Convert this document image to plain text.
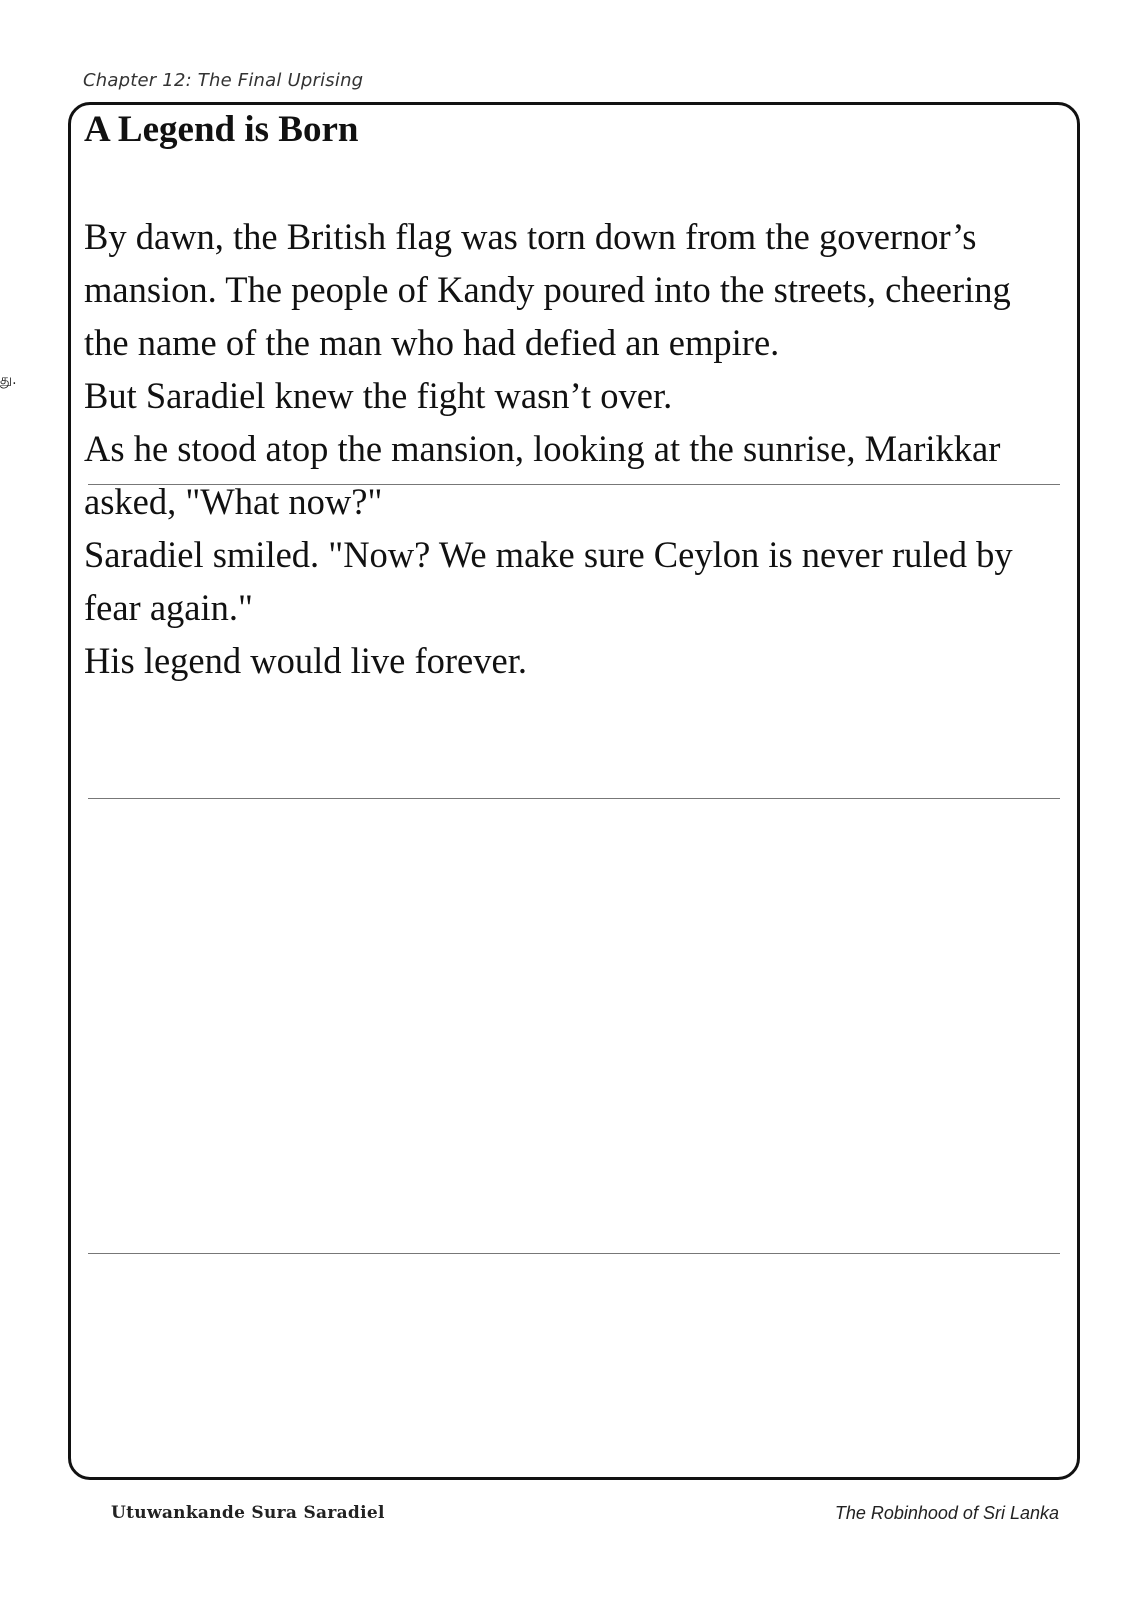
து.
Chapter 12: The Final Uprising
A Legend is Born

By dawn, the British flag was torn down from the governor’s mansion. The people of Kandy poured into the streets, cheering the name of the man who had defied an empire.

But Saradiel knew the fight wasn’t over.

As he stood atop the mansion, looking at the sunrise, Marikkar asked, "What now?"

Saradiel smiled. "Now? We make sure Ceylon is never ruled by fear again."

His legend would live forever.

Utuwankande Sura Saradiel	The Robinhood of Sri Lanka
